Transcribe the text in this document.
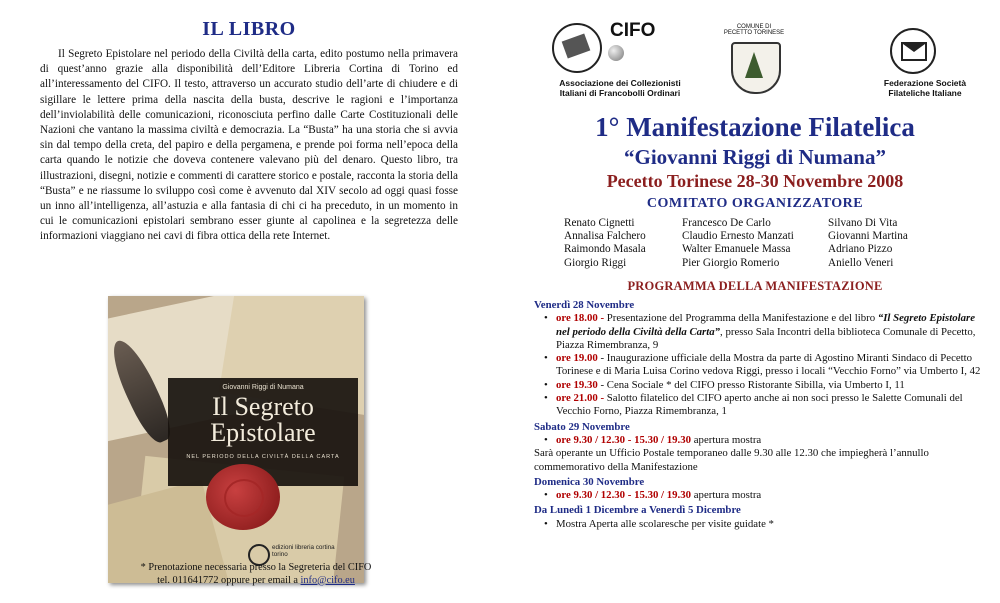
IL LIBRO

Il Segreto Epistolare nel periodo della Civiltà della carta, edito postumo nella primavera di quest’anno grazie alla disponibilità dell’Editore Libreria Cortina di Torino ed all’interessamento del CIFO. Il testo, attraverso un accurato studio dell’arte di chiudere e di sigillare le lettere prima della nascita della busta, descrive le ragioni e l’importanza dell’inviolabilità delle comunicazioni, riconosciuta perfino dalle Carte Costituzionali delle Nazioni che vantano la massima civiltà e democrazia. La “Busta” ha una storia che si avvia sin dal tempo della creta, del papiro e della pergamena, e prende poi forma nell’epoca della carta quando le notizie che doveva contenere valevano più del denaro. Questo libro, tra illustrazioni, disegni, notizie e commenti di carattere storico e postale, racconta la storia della “Busta” e ne riassume lo sviluppo così come è avvenuto dal XIV secolo ad oggi quasi fosse un inno all’intelligenza, all’astuzia e alla fantasia di chi ci ha preceduto, in un momento in cui le comunicazioni epistolari sembrano esser giunte al capolinea e la segretezza delle informazioni viaggiano nei cavi di fibra ottica della rete Internet.

Giovanni Riggi di Numana
Il Segreto
Epistolare
NEL PERIODO DELLA CIVILTÀ DELLA CARTA
edizioni libreria cortina torino
CIFO
Associazione dei Collezionisti
Italiani di Francobolli Ordinari
COMUNE DI PECETTO TORINESE
Federazione Società
Filateliche Italiane
1° Manifestazione Filatelica
“Giovanni Riggi di Numana”
Pecetto Torinese 28-30 Novembre 2008
COMITATO ORGANIZZATORE
Renato Cignetti
Annalisa Falchero
Raimondo Masala
Giorgio Riggi
Francesco De Carlo
Claudio Ernesto Manzati
Walter Emanuele Massa
Pier Giorgio Romerio
Silvano Di Vita
Giovanni Martina
Adriano Pizzo
Aniello Veneri
PROGRAMMA DELLA MANIFESTAZIONE
Venerdì 28 Novembre
• ore 18.00 - Presentazione del Programma della Manifestazione e del libro “Il Segreto Epistolare nel periodo della Civiltà della Carta”, presso Sala Incontri della biblioteca Comunale di Pecetto, Piazza Rimembranza, 9
• ore 19.00 - Inaugurazione ufficiale della Mostra da parte di Agostino Miranti Sindaco di Pecetto Torinese e di Maria Luisa Corino vedova Riggi, presso i locali “Vecchio Forno” via Umberto I, 42
• ore 19.30 - Cena Sociale * del CIFO presso Ristorante Sibilla, via Umberto I, 11
• ore 21.00 - Salotto filatelico del CIFO aperto anche ai non soci presso le Salette Comunali del Vecchio Forno, Piazza Rimembranza, 1
Sabato 29 Novembre
• ore 9.30 / 12.30 - 15.30 / 19.30 apertura mostra
Sarà operante un Ufficio Postale temporaneo dalle 9.30 alle 12.30 che impiegherà l’annullo commemorativo della Manifestazione
Domenica 30 Novembre
• ore 9.30 / 12.30 - 15.30 / 19.30 apertura mostra
Da Lunedì 1 Dicembre a Venerdì 5 Dicembre
• Mostra Aperta alle scolaresche per visite guidate *
* Prenotazione necessaria presso la Segreteria del CIFO
tel. 011641772 oppure per email a info@cifo.eu
